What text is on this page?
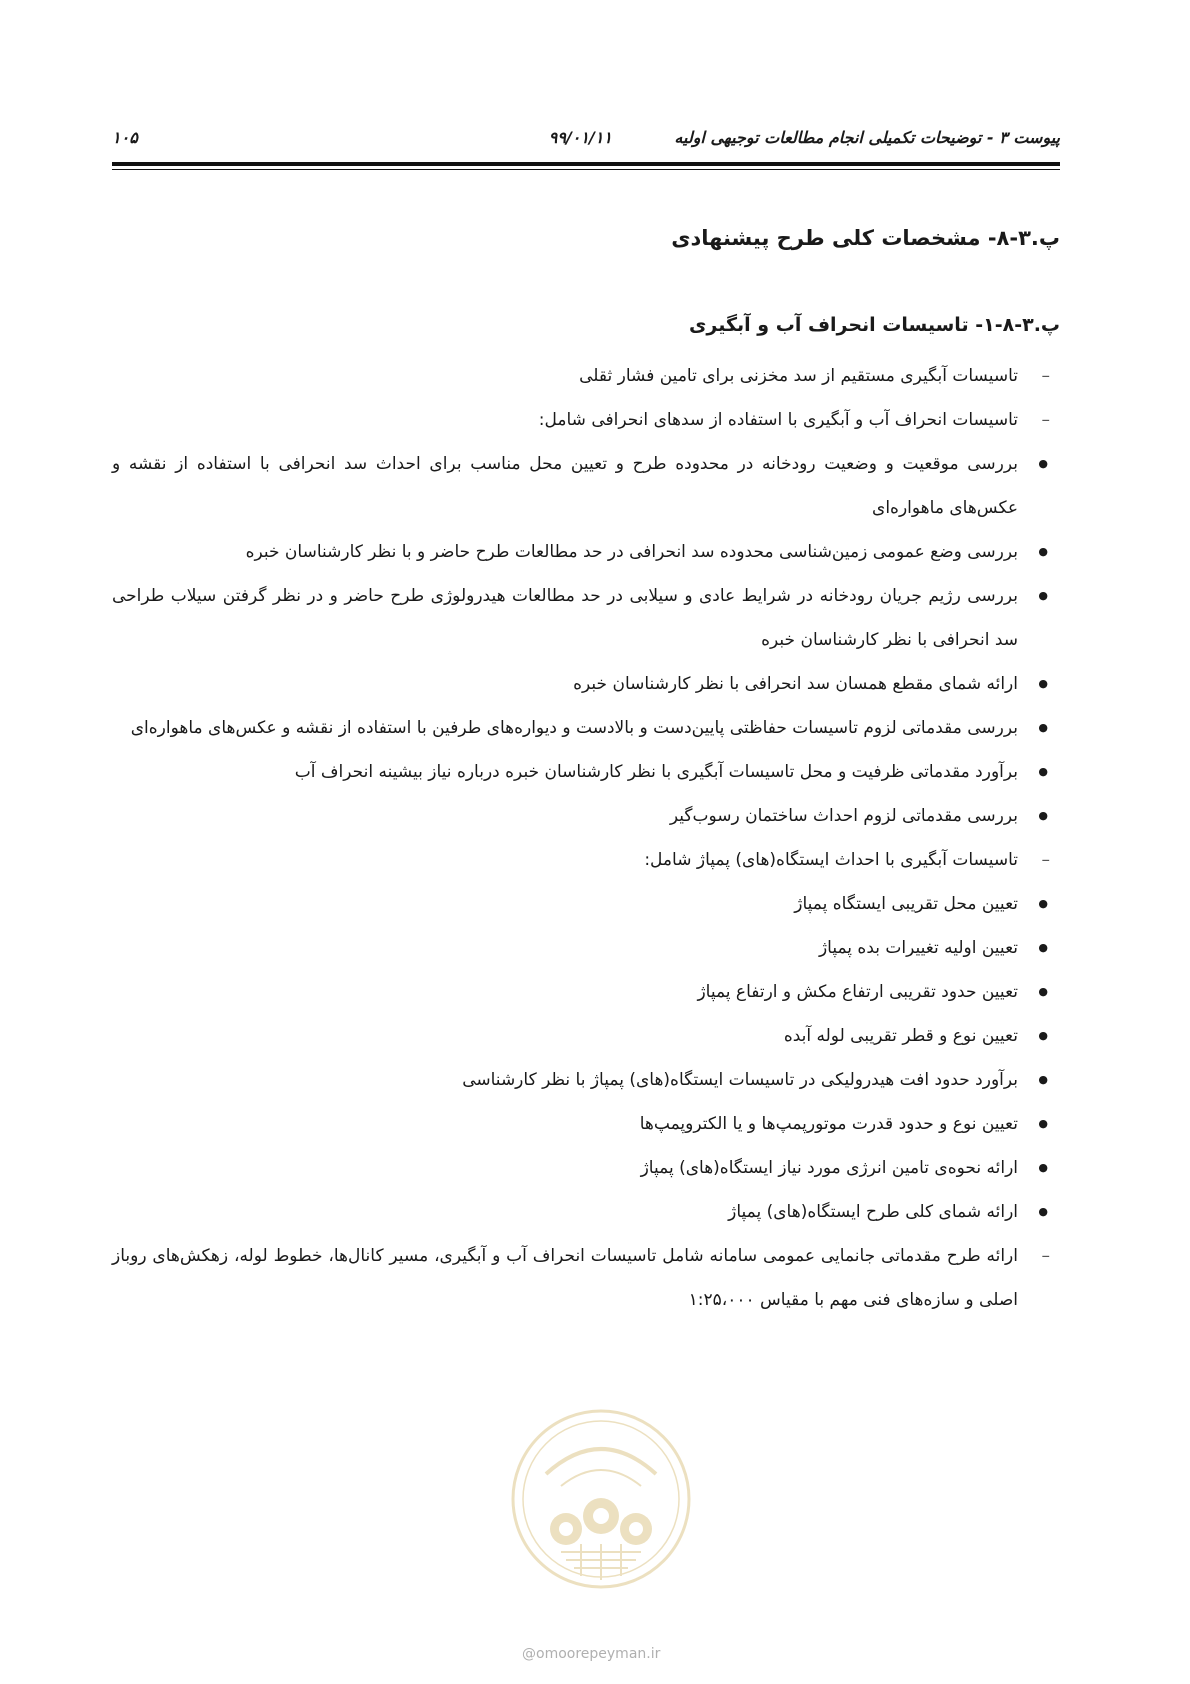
پیوست ۳ - توضیحات تکمیلی انجام مطالعات توجیهی اولیه
۹۹/۰۱/۱۱
۱۰۵
پ.۳-۸- مشخصات کلی طرح پیشنهادی
پ.۳-۸-۱- تاسیسات انحراف آب و آبگیری
– تاسیسات آبگیری مستقیم از سد مخزنی برای تامین فشار ثقلی
– تاسیسات انحراف آب و آبگیری با استفاده از سدهای انحرافی شامل:
● بررسی موقعیت و وضعیت رودخانه در محدوده طرح و تعیین محل مناسب برای احداث سد انحرافی با استفاده از نقشه و عکس‌های ماهواره‌ای
● بررسی وضع عمومی زمین‌شناسی محدوده سد انحرافی در حد مطالعات طرح حاضر و با نظر کارشناسان خبره
● بررسی رژیم جریان رودخانه در شرایط عادی و سیلابی در حد مطالعات هیدرولوژی طرح حاضر و در نظر گرفتن سیلاب طراحی سد انحرافی با نظر کارشناسان خبره
● ارائه شمای مقطع همسان سد انحرافی با نظر کارشناسان خبره
● بررسی مقدماتی لزوم تاسیسات حفاظتی پایین‌دست و بالادست و دیواره‌های طرفین با استفاده از نقشه و عکس‌های ماهواره‌ای
● برآورد مقدماتی ظرفیت و محل تاسیسات آبگیری با نظر کارشناسان خبره درباره نیاز بیشینه انحراف آب
● بررسی مقدماتی لزوم احداث ساختمان رسوب‌گیر
– تاسیسات آبگیری با احداث ایستگاه(های) پمپاژ شامل:
● تعیین محل تقریبی ایستگاه پمپاژ
● تعیین اولیه تغییرات بده پمپاژ
● تعیین حدود تقریبی ارتفاع مکش و ارتفاع پمپاژ
● تعیین نوع و قطر تقریبی لوله آبده
● برآورد حدود افت هیدرولیکی در تاسیسات ایستگاه(های) پمپاژ با نظر کارشناسی
● تعیین نوع و حدود قدرت موتورپمپ‌ها و یا الکتروپمپ‌ها
● ارائه نحوه‌ی تامین انرژی مورد نیاز ایستگاه(های) پمپاژ
● ارائه شمای کلی طرح ایستگاه(های) پمپاژ
– ارائه طرح مقدماتی جانمایی عمومی سامانه شامل تاسیسات انحراف آب و آبگیری، مسیر کانال‌ها، خطوط لوله، زهکش‌های روباز اصلی و سازه‌های فنی مهم با مقیاس ۱:۲۵،۰۰۰
@omoorepeyman.ir
